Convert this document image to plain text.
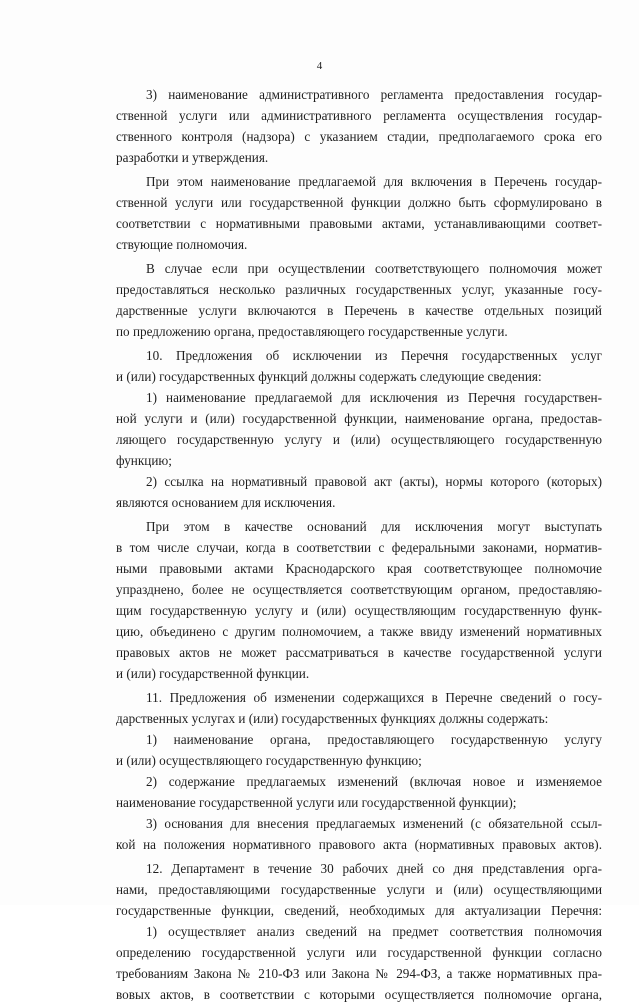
4
3) наименование административного регламента предоставления государ-
ственной услуги или административного регламента осуществления государ-
ственного контроля (надзора) с указанием стадии, предполагаемого срока его
разработки и утверждения.
При этом наименование предлагаемой для включения в Перечень государ-
ственной услуги или государственной функции должно быть сформулировано в
соответствии с нормативными правовыми актами, устанавливающими соответ-
ствующие полномочия.
В случае если при осуществлении соответствующего полномочия может
предоставляться несколько различных государственных услуг, указанные госу-
дарственные услуги включаются в Перечень в качестве отдельных позиций
по предложению органа, предоставляющего государственные услуги.
10. Предложения об исключении из Перечня государственных услуг
и (или) государственных функций должны содержать следующие сведения:
1) наименование предлагаемой для исключения из Перечня государствен-
ной услуги и (или) государственной функции, наименование органа, предостав-
ляющего государственную услугу и (или) осуществляющего государственную
функцию;
2) ссылка на нормативный правовой акт (акты), нормы которого (которых)
являются основанием для исключения.
При этом в качестве оснований для исключения могут выступать
в том числе случаи, когда в соответствии с федеральными законами, норматив-
ными правовыми актами Краснодарского края соответствующее полномочие
упразднено, более не осуществляется соответствующим органом, предоставляю-
щим государственную услугу и (или) осуществляющим государственную функ-
цию, объединено с другим полномочием, а также ввиду изменений нормативных
правовых актов не может рассматриваться в качестве государственной услуги
и (или) государственной функции.
11. Предложения об изменении содержащихся в Перечне сведений о госу-
дарственных услугах и (или) государственных функциях должны содержать:
1) наименование органа, предоставляющего государственную услугу
и (или) осуществляющего государственную функцию;
2) содержание предлагаемых изменений (включая новое и изменяемое
наименование государственной услуги или государственной функции);
3) основания для внесения предлагаемых изменений (с обязательной ссыл-
кой на положения нормативного правового акта (нормативных правовых актов).
12. Департамент в течение 30 рабочих дней со дня представления орга-
нами, предоставляющими государственные услуги и (или) осуществляющими
государственные функции, сведений, необходимых для актуализации Перечня:
1) осуществляет анализ сведений на предмет соответствия полномочия
определению государственной услуги или государственной функции согласно
требованиям Закона № 210-ФЗ или Закона № 294-ФЗ, а также нормативных пра-
вовых актов, в соответствии с которыми осуществляется полномочие органа,
